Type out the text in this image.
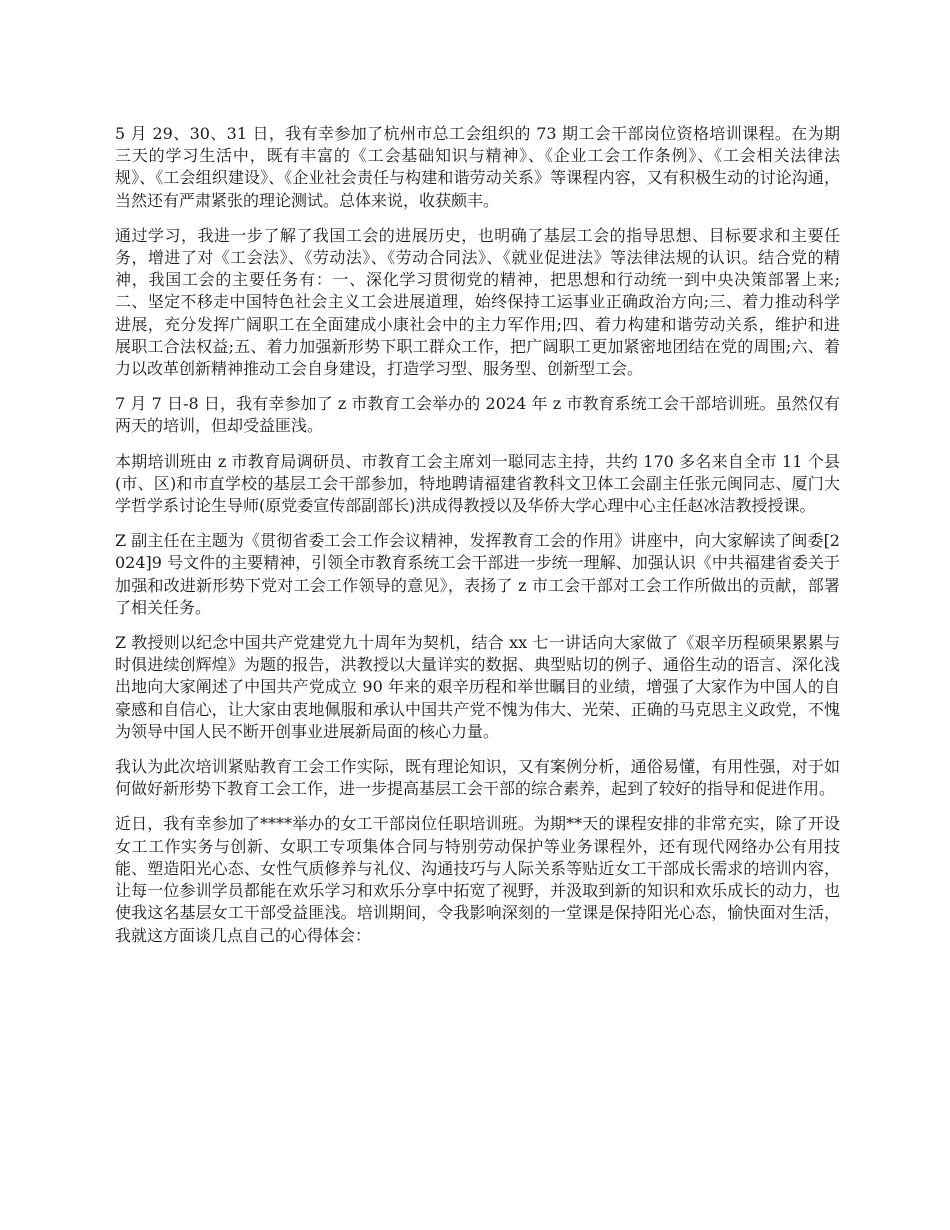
5 月 29、30、31 日，我有幸参加了杭州市总工会组织的 73 期工会干部岗位资格培训课程。在为期三天的学习生活中，既有丰富的《工会基础知识与精神》、《企业工会工作条例》、《工会相关法律法规》、《工会组织建设》、《企业社会责任与构建和谐劳动关系》等课程内容，又有积极生动的讨论沟通，当然还有严肃紧张的理论测试。总体来说，收获颇丰。

通过学习，我进一步了解了我国工会的进展历史，也明确了基层工会的指导思想、目标要求和主要任务，增进了对《工会法》、《劳动法》、《劳动合同法》、《就业促进法》等法律法规的认识。结合党的精神，我国工会的主要任务有：一、深化学习贯彻党的精神，把思想和行动统一到中央决策部署上来;二、坚定不移走中国特色社会主义工会进展道理，始终保持工运事业正确政治方向;三、着力推动科学进展，充分发挥广阔职工在全面建成小康社会中的主力军作用;四、着力构建和谐劳动关系，维护和进展职工合法权益;五、着力加强新形势下职工群众工作，把广阔职工更加紧密地团结在党的周围;六、着力以改革创新精神推动工会自身建设，打造学习型、服务型、创新型工会。

7 月 7 日-8 日，我有幸参加了 z 市教育工会举办的 2024 年 z 市教育系统工会干部培训班。虽然仅有两天的培训，但却受益匪浅。

本期培训班由 z 市教育局调研员、市教育工会主席刘一聪同志主持，共约 170 多名来自全市 11 个县(市、区)和市直学校的基层工会干部参加，特地聘请福建省教科文卫体工会副主任张元闽同志、厦门大学哲学系讨论生导师(原党委宣传部副部长)洪成得教授以及华侨大学心理中心主任赵冰洁教授授课。

Z 副主任在主题为《贯彻省委工会工作会议精神，发挥教育工会的作用》讲座中，向大家解读了闽委[2024]9 号文件的主要精神，引领全市教育系统工会干部进一步统一理解、加强认识《中共福建省委关于加强和改进新形势下党对工会工作领导的意见》，表扬了 z 市工会干部对工会工作所做出的贡献，部署了相关任务。

Z 教授则以纪念中国共产党建党九十周年为契机，结合 xx 七一讲话向大家做了《艰辛历程硕果累累与时俱进续创辉煌》为题的报告，洪教授以大量详实的数据、典型贴切的例子、通俗生动的语言、深化浅出地向大家阐述了中国共产党成立 90 年来的艰辛历程和举世瞩目的业绩，增强了大家作为中国人的自豪感和自信心，让大家由衷地佩服和承认中国共产党不愧为伟大、光荣、正确的马克思主义政党，不愧为领导中国人民不断开创事业进展新局面的核心力量。

我认为此次培训紧贴教育工会工作实际，既有理论知识，又有案例分析，通俗易懂，有用性强，对于如何做好新形势下教育工会工作，进一步提高基层工会干部的综合素养，起到了较好的指导和促进作用。

近日，我有幸参加了****举办的女工干部岗位任职培训班。为期**天的课程安排的非常充实，除了开设女工工作实务与创新、女职工专项集体合同与特别劳动保护等业务课程外，还有现代网络办公有用技能、塑造阳光心态、女性气质修养与礼仪、沟通技巧与人际关系等贴近女工干部成长需求的培训内容，让每一位参训学员都能在欢乐学习和欢乐分享中拓宽了视野，并汲取到新的知识和欢乐成长的动力，也使我这名基层女工干部受益匪浅。培训期间，令我影响深刻的一堂课是保持阳光心态，愉快面对生活，我就这方面谈几点自己的心得体会：
